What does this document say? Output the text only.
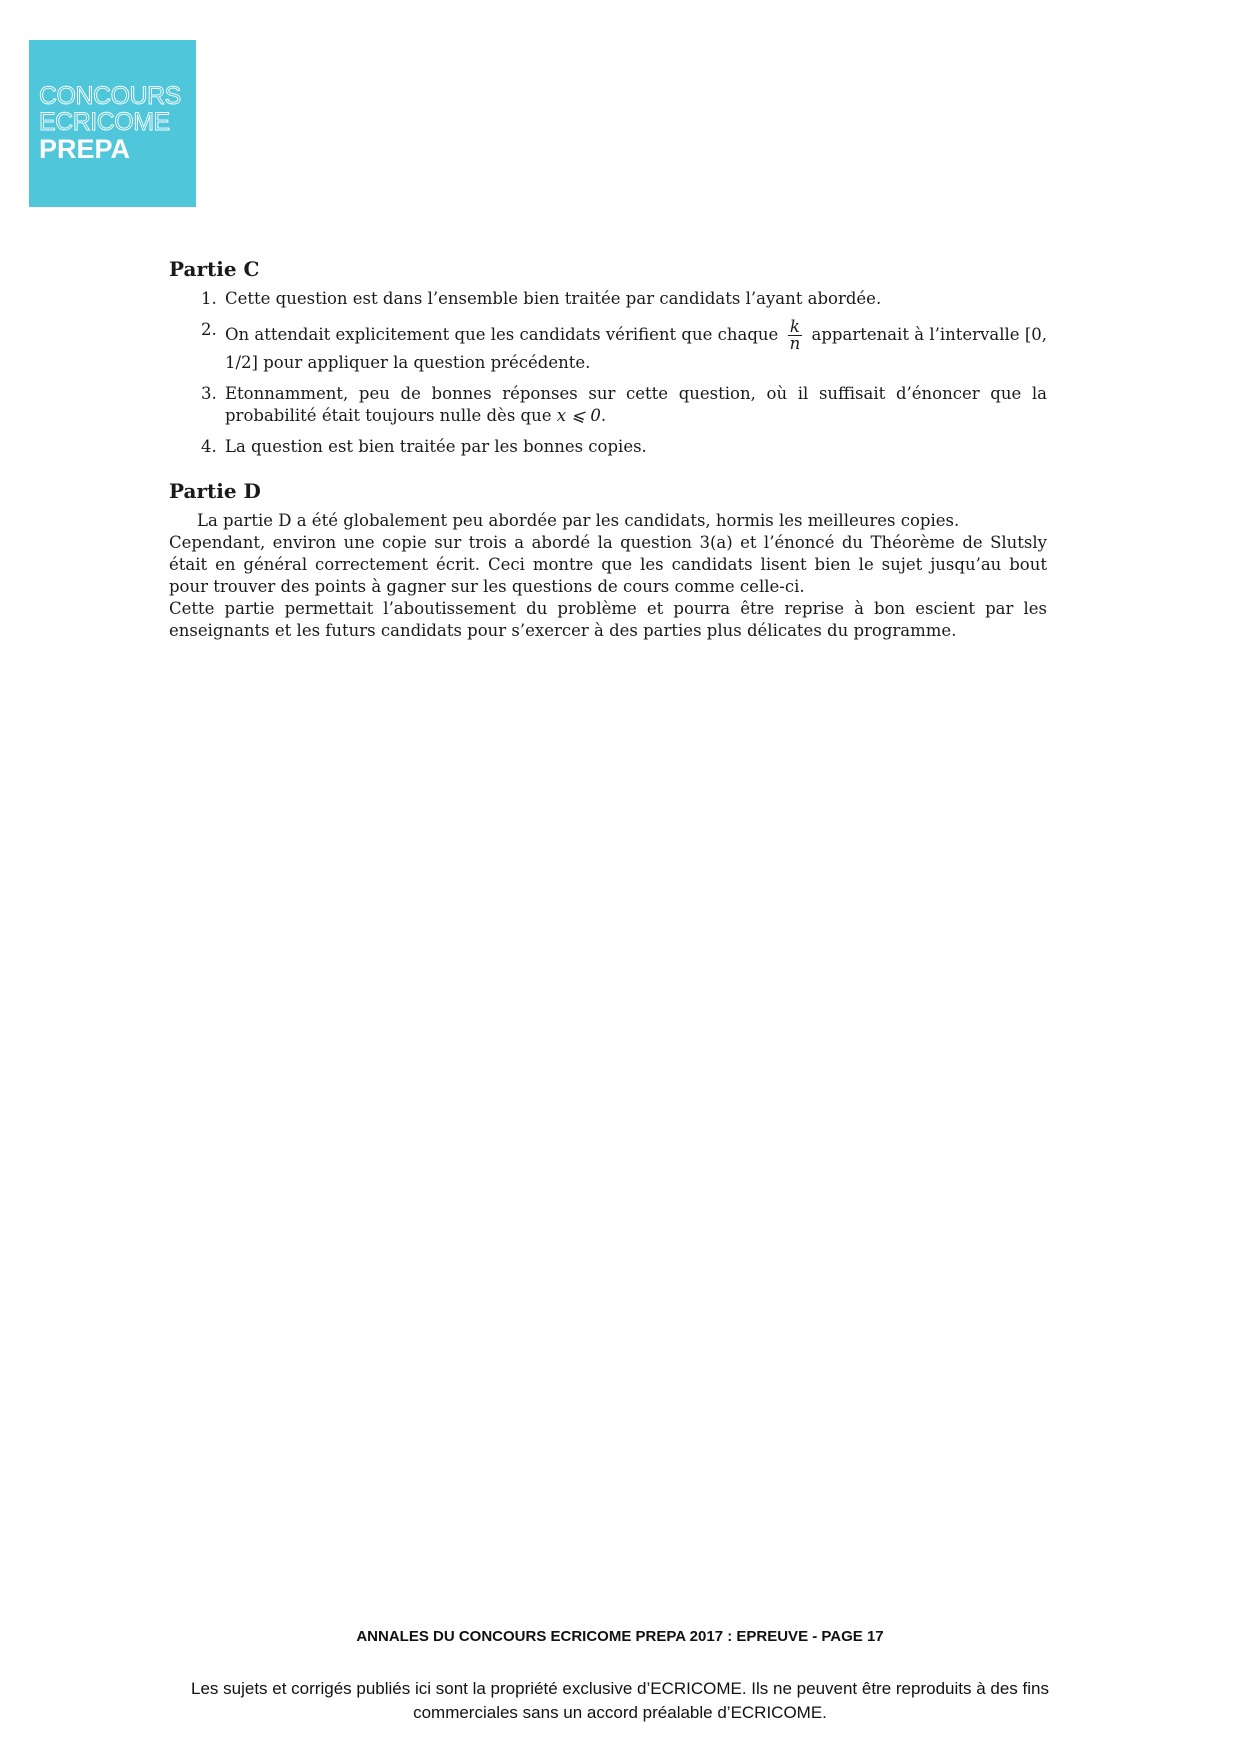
CONCOURS
ECRICOME
PREPA
Partie C
1. Cette question est dans l’ensemble bien traitée par candidats l’ayant abordée.
2. On attendait explicitement que les candidats vérifient que chaque $\frac{k}{n}$ appartenait à l’intervalle [0, 1/2] pour appliquer la question précédente.
3. Etonnamment, peu de bonnes réponses sur cette question, où il suffisait d’énoncer que la probabilité était toujours nulle dès que x ⩽ 0.
4. La question est bien traitée par les bonnes copies.
Partie D

La partie D a été globalement peu abordée par les candidats, hormis les meilleures copies.

Cependant, environ une copie sur trois a abordé la question 3(a) et l’énoncé du Théorème de Slutsly était en général correctement écrit. Ceci montre que les candidats lisent bien le sujet jusqu’au bout pour trouver des points à gagner sur les questions de cours comme celle-ci.

Cette partie permettait l’aboutissement du problème et pourra être reprise à bon escient par les enseignants et les futurs candidats pour s’exercer à des parties plus délicates du programme.

ANNALES DU CONCOURS ECRICOME PREPA 2017 : EPREUVE - PAGE 17
Les sujets et corrigés publiés ici sont la propriété exclusive d’ECRICOME. Ils ne peuvent être reproduits à des fins commerciales sans un accord préalable d’ECRICOME.
